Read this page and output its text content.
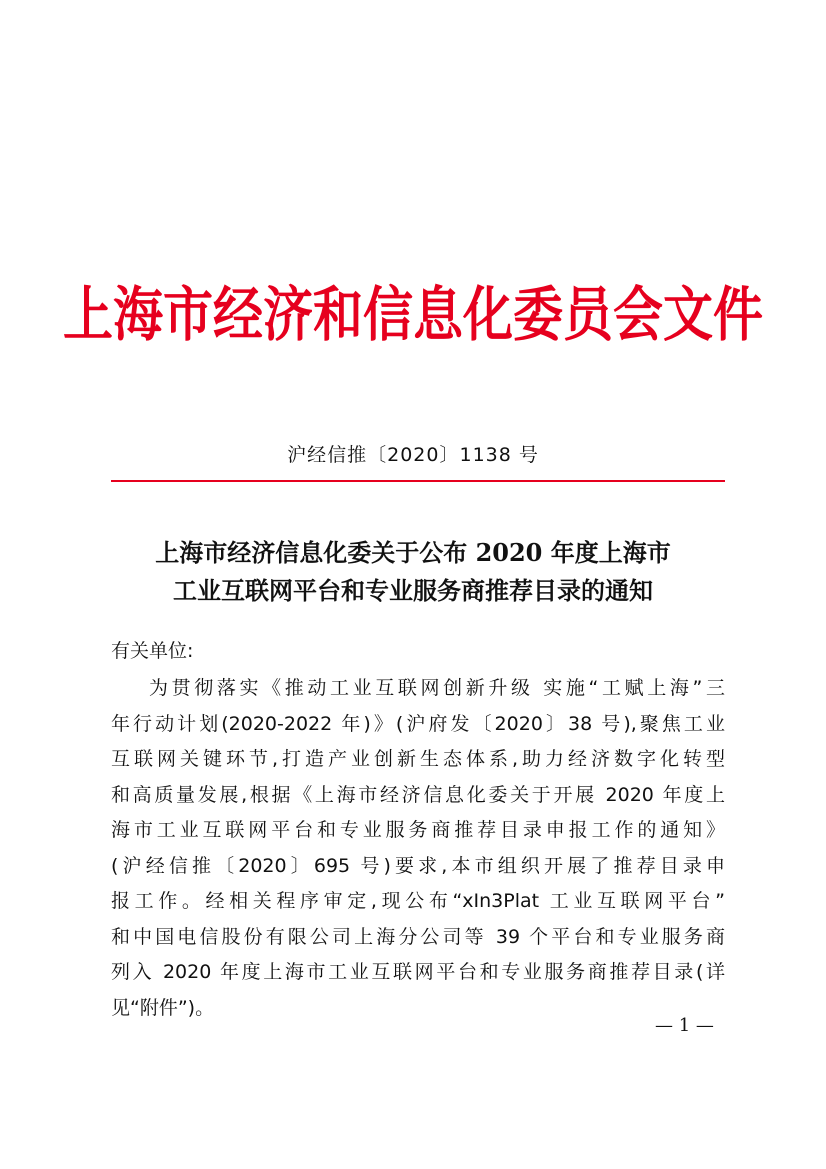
上海市经济和信息化委员会文件
沪经信推〔2020〕1138 号
上海市经济信息化委关于公布 2020 年度上海市
工业互联网平台和专业服务商推荐目录的通知

有关单位:

为贯彻落实《推动工业互联网创新升级 实施“工赋上海”三
年行动计划(2020-2022 年)》(沪府发〔2020〕38 号),聚焦工业
互联网关键环节,打造产业创新生态体系,助力经济数字化转型
和高质量发展,根据《上海市经济信息化委关于开展 2020 年度上
海市工业互联网平台和专业服务商推荐目录申报工作的通知》
(沪经信推〔2020〕695 号)要求,本市组织开展了推荐目录申
报工作。经相关程序审定,现公布“xIn3Plat 工业互联网平台”
和中国电信股份有限公司上海分公司等 39 个平台和专业服务商
列入 2020 年度上海市工业互联网平台和专业服务商推荐目录(详
见“附件”)。
— 1 —
